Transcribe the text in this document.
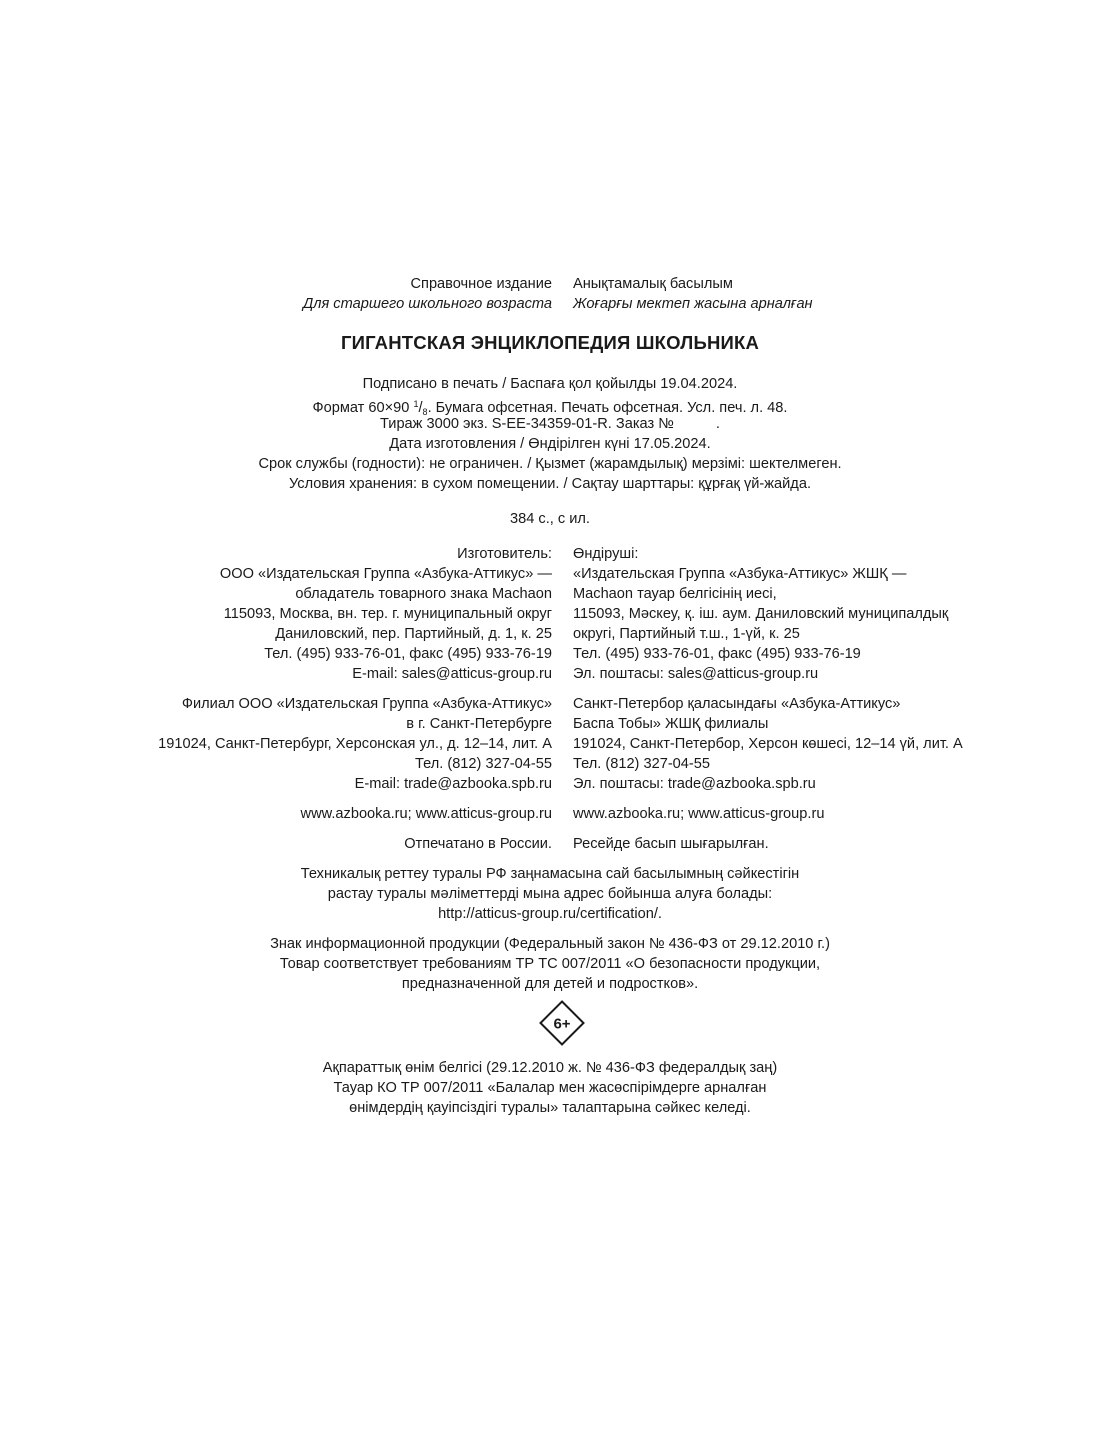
Справочное издание Анықтамалық басылым
Для старшего школьного возраста Жоғарғы мектеп жасына арналған
ГИГАНТСКАЯ ЭНЦИКЛОПЕДИЯ ШКОЛЬНИКА
Подписано в печать / Баспаға қол қойылды 19.04.2024.
Формат 60×90 $^1/_8$. Бумага офсетная. Печать офсетная. Усл. печ. л. 48.
Тираж 3000 экз. S-EE-34359-01-R. Заказ №	.
Дата изготовления / Өндірілген күні 17.05.2024.
Срок службы (годности): не ограничен. / Қызмет (жарамдылық) мерзімі: шектелмеген.
Условия хранения: в сухом помещении. / Сақтау шарттары: құрғақ үй-жайда.
384 с., с ил.
Изготовитель: Өндіруші:
ООО «Издательская Группа «Азбука-Аттикус» — «Издательская Группа «Азбука-Аттикус» ЖШҚ —
обладатель товарного знака Machaon Machaon тауар белгісінің иесі,
115093, Москва, вн. тер. г. муниципальный округ 115093, Мәскеу, қ. іш. аум. Даниловский муниципалдық
Даниловский, пер. Партийный, д. 1, к. 25 округі, Партийный т.ш., 1-үй, к. 25
Тел. (495) 933-76-01, факс (495) 933-76-19 Тел. (495) 933-76-01, факс (495) 933-76-19
E-mail: sales@atticus-group.ru Эл. поштасы: sales@atticus-group.ru
Филиал ООО «Издательская Группа «Азбука-Аттикус» Санкт-Петербор қаласындағы «Азбука-Аттикус»
в г. Санкт-Петербурге Баспа Тобы» ЖШҚ филиалы
191024, Санкт-Петербург, Херсонская ул., д. 12–14, лит. А 191024, Санкт-Петербор, Херсон көшесі, 12–14 үй, лит. А
Тел. (812) 327-04-55 Тел. (812) 327-04-55
E-mail: trade@azbooka.spb.ru Эл. поштасы: trade@azbooka.spb.ru
www.azbooka.ru; www.atticus-group.ru www.azbooka.ru; www.atticus-group.ru
Отпечатано в России. Ресейде басып шығарылған.
Техникалық реттеу туралы РФ заңнамасына сай басылымның сәйкестігін
растау туралы мәліметтерді мына адрес бойынша алуға болады:
http://atticus-group.ru/certification/.
Знак информационной продукции (Федеральный закон № 436-ФЗ от 29.12.2010 г.)
Товар соответствует требованиям ТР ТС 007/2011 «О безопасности продукции,
предназначенной для детей и подростков».
6+
Ақпараттық өнім белгісі (29.12.2010 ж. № 436-ФЗ федералдық заң)
Тауар КО ТР 007/2011 «Балалар мен жасөспірімдерге арналған
өнімдердің қауіпсіздігі туралы» талаптарына сәйкес келеді.
